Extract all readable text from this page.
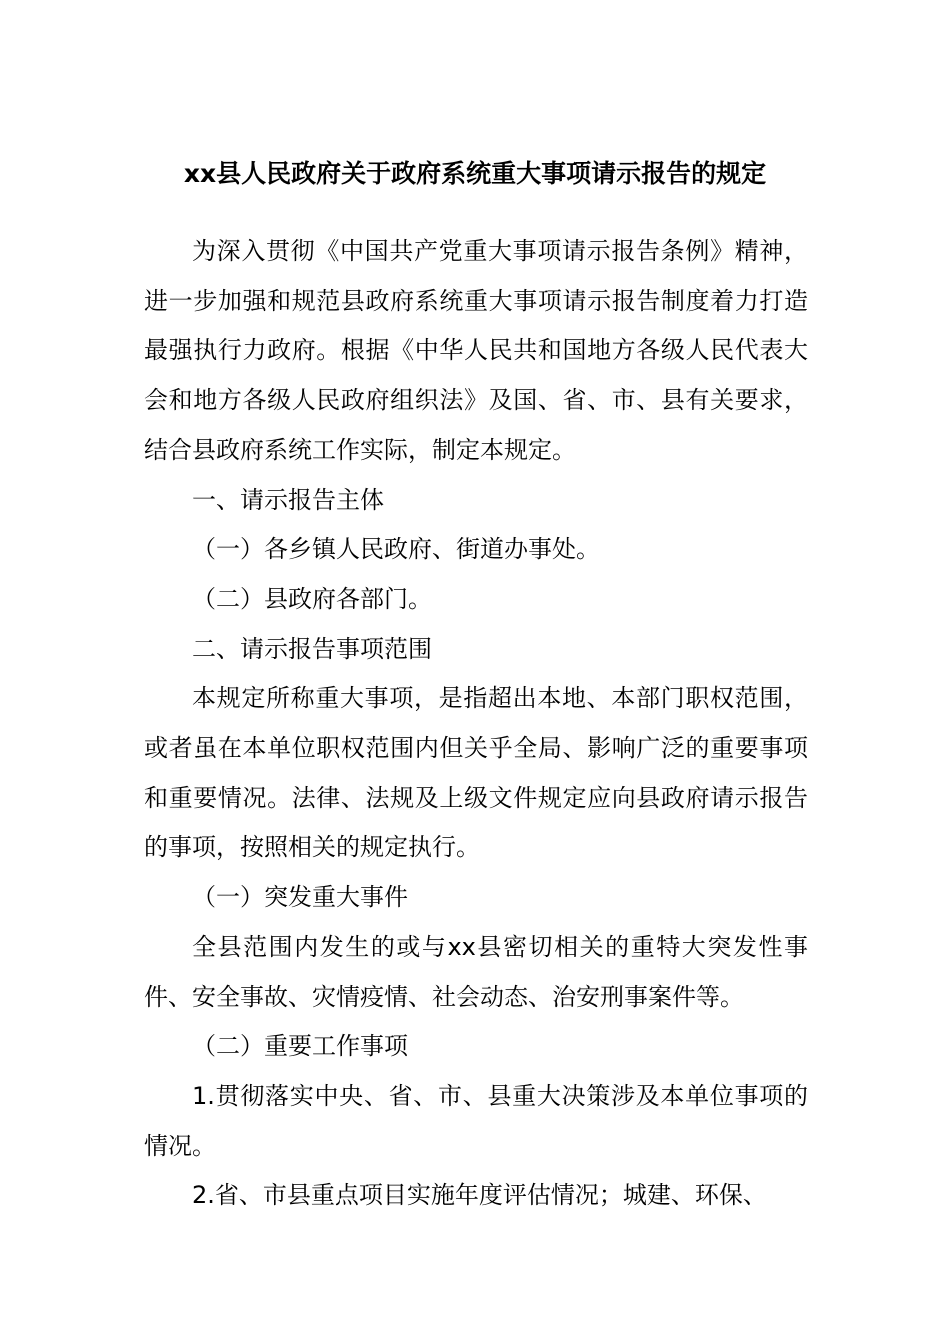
xx县人民政府关于政府系统重大事项请示报告的规定

为深入贯彻《中国共产党重大事项请示报告条例》精神，进一步加强和规范县政府系统重大事项请示报告制度着力打造最强执行力政府。根据《中华人民共和国地方各级人民代表大会和地方各级人民政府组织法》及国、省、市、县有关要求，结合县政府系统工作实际，制定本规定。

一、请示报告主体

（一）各乡镇人民政府、街道办事处。

（二）县政府各部门。

二、请示报告事项范围

本规定所称重大事项，是指超出本地、本部门职权范围，或者虽在本单位职权范围内但关乎全局、影响广泛的重要事项和重要情况。法律、法规及上级文件规定应向县政府请示报告的事项，按照相关的规定执行。

（一）突发重大事件

全县范围内发生的或与xx县密切相关的重特大突发性事件、安全事故、灾情疫情、社会动态、治安刑事案件等。

（二）重要工作事项

1.贯彻落实中央、省、市、县重大决策涉及本单位事项的情况。

2.省、市县重点项目实施年度评估情况；城建、环保、
